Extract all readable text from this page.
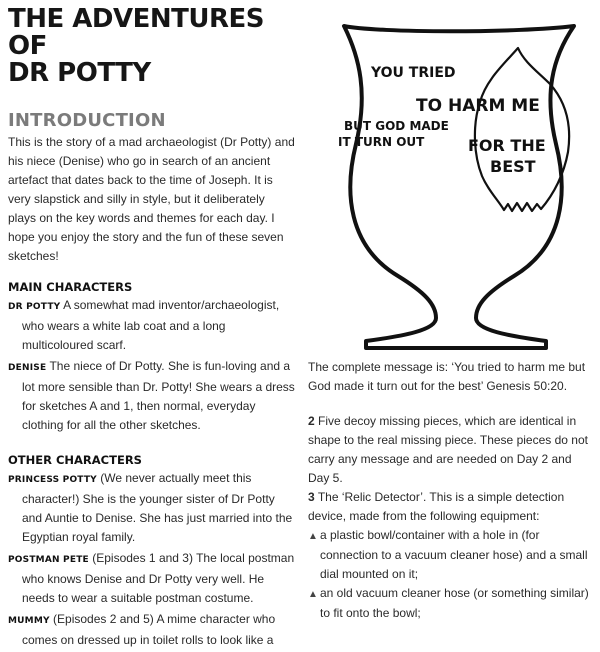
THE ADVENTURES OF
DR POTTY
INTRODUCTION

This is the story of a mad archaeologist (Dr Potty) and his niece (Denise) who go in search of an ancient artefact that dates back to the time of Joseph. It is very slapstick and silly in style, but it deliberately plays on the key words and themes for each day. I hope you enjoy the story and the fun of these seven sketches!

MAIN CHARACTERS

DR POTTY A somewhat mad inventor/archaeologist, who wears a white lab coat and a long multicoloured scarf.

DENISE The niece of Dr Potty. She is fun-loving and a lot more sensible than Dr. Potty! She wears a dress for sketches A and 1, then normal, everyday clothing for all the other sketches.

OTHER CHARACTERS

PRINCESS POTTY (We never actually meet this character!) She is the younger sister of Dr Potty and Auntie to Denise. She has just married into the Egyptian royal family.

POSTMAN PETE (Episodes 1 and 3) The local postman who knows Denise and Dr Potty very well. He needs to wear a suitable postman costume.

MUMMY (Episodes 2 and 5) A mime character who comes on dressed up in toilet rolls to look like a

YOU TRIED
TO HARM ME
BUT GOD MADE
IT TURN OUT	FOR THE
BEST

The complete message is: ‘You tried to harm me but God made it turn out for the best’ Genesis 50:20.

2 Five decoy missing pieces, which are identical in shape to the real missing piece. These pieces do not carry any message and are needed on Day 2 and Day 5.

3 The ‘Relic Detector’. This is a simple detection device, made from the following equipment:

▲ a plastic bowl/container with a hole in (for connection to a vacuum cleaner hose) and a small dial mounted on it;

▲ an old vacuum cleaner hose (or something similar) to fit onto the bowl;
